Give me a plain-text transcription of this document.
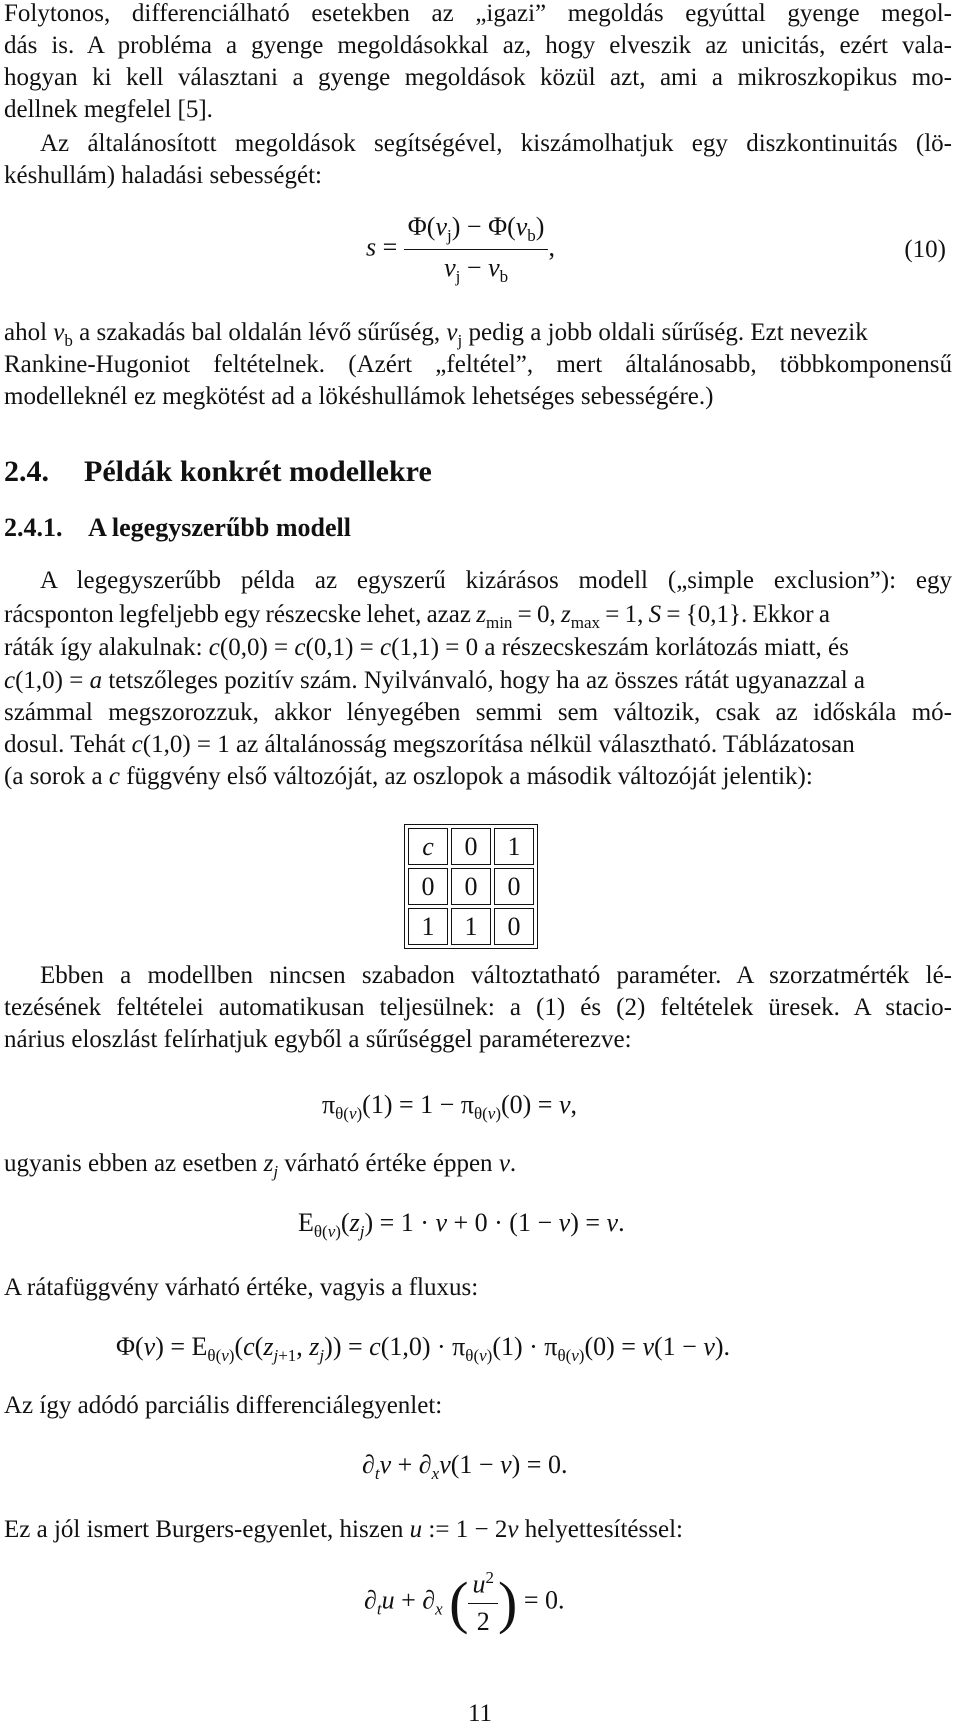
Folytonos, differenciálható esetekben az „igazi” megoldás egyúttal gyenge megol-
dás is. A probléma a gyenge megoldásokkal az, hogy elveszik az unicitás, ezért vala-
hogyan ki kell választani a gyenge megoldások közül azt, ami a mikroszkopikus mo-
dellnek megfelel [5].
Az általánosított megoldások segítségével, kiszámolhatjuk egy diszkontinuitás (lö-
késhullám) haladási sebességét:
$s = \frac{\Phi(v_j) - \Phi(v_b)}{v_j - v_b}$ ,	(10)
ahol $v_b$ a szakadás bal oldalán lévő sűrűség, $v_j$ pedig a jobb oldali sűrűség. Ezt nevezik
Rankine-Hugoniot feltételnek. (Azért „feltétel”, mert általánosabb, többkomponensű
modelleknél ez megkötést ad a lökéshullámok lehetséges sebességére.)
2.4. Példák konkrét modellekre
2.4.1. A legegyszerűbb modell
A legegyszerűbb példa az egyszerű kizárásos modell („simple exclusion”): egy
rácsponton legfeljebb egy részecske lehet, azaz $z_{min} = 0$, $z_{max} = 1$, S = {0,1}. Ekkor a
ráták így alakulnak: c(0,0) = c(0,1) = c(1,1) = 0 a részecskeszám korlátozás miatt, és
c(1,0) = a tetszőleges pozitív szám. Nyilvánvaló, hogy ha az összes rátát ugyanazzal a
számmal megszorozzuk, akkor lényegében semmi sem változik, csak az időskála mó-
dosul. Tehát c(1,0) = 1 az általánosság megszorítása nélkül választható. Táblázatosan
(a sorok a c függvény első változóját, az oszlopok a második változóját jelentik):
c	0	1
0	0	0
1	1	0
Ebben a modellben nincsen szabadon változtatható paraméter. A szorzatmérték lé-
tezésének feltételei automatikusan teljesülnek: a (1) és (2) feltételek üresek. A stacio-
nárius eloszlást felírhatjuk egyből a sűrűséggel paraméterezve:
$\pi_{\theta(v)}(1) = 1 - \pi_{\theta(v)}(0) = v$,
ugyanis ebben az esetben $z_j$ várható értéke éppen v.
$E_{\theta(v)}(z_j) = 1 \cdot v + 0 \cdot (1 - v) = v$.
A rátafüggvény várható értéke, vagyis a fluxus:
$\Phi(v) = E_{\theta(v)}(c(z_{j+1}$, $z_j)) = c(1,0) \cdot \pi_{\theta(v)}(1) \cdot \pi_{\theta(v)}(0) = v(1 - v)$.
Az így adódó parciális differenciálegyenlet:
$\partial_tv + \partial_xv(1 - v) = 0$.
Ez a jól ismert Burgers-egyenlet, hiszen u := 1 − 2v helyettesítéssel:
$\partial_tu + \partial_x$ ( $\frac{u^2}{2}$ ) = 0.
11
